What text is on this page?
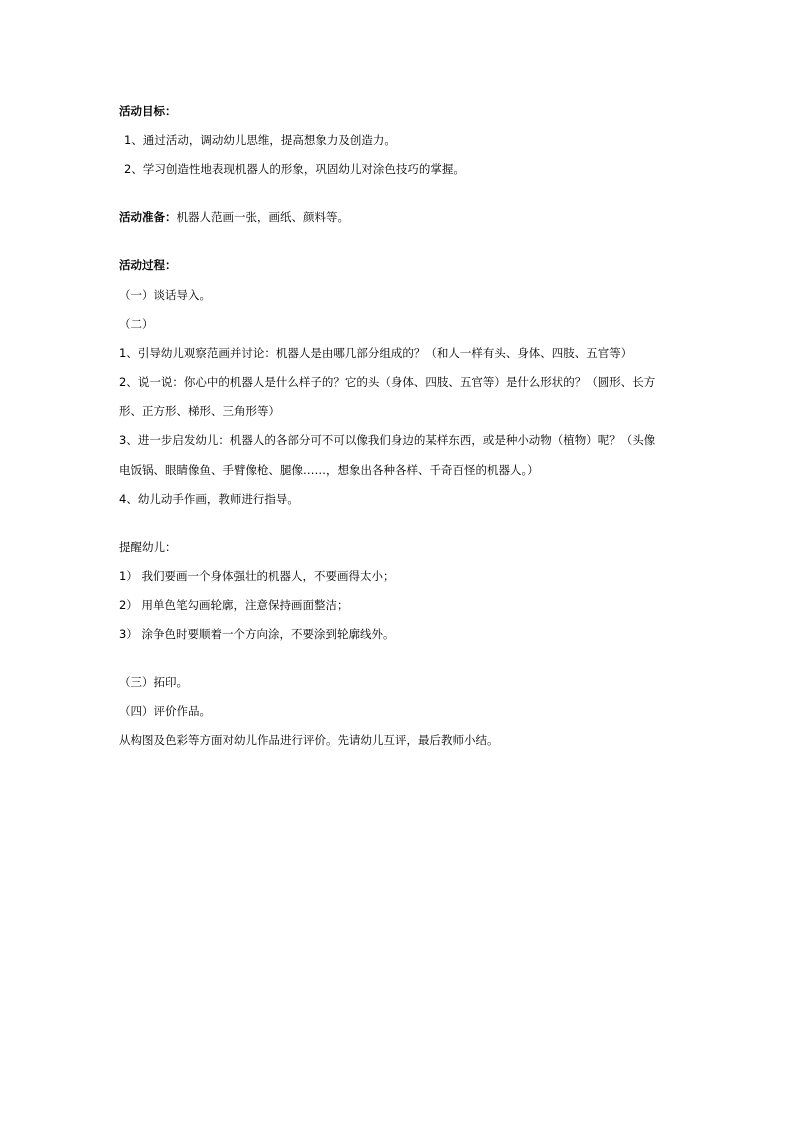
活动目标：
1、通过活动，调动幼儿思维，提高想象力及创造力。
2、学习创造性地表现机器人的形象，巩固幼儿对涂色技巧的掌握。
活动准备：机器人范画一张，画纸、颜料等。
活动过程：
（一）谈话导入。
（二）
1、引导幼儿观察范画并讨论：机器人是由哪几部分组成的？（和人一样有头、身体、四肢、五官等）
2、说一说：你心中的机器人是什么样子的？它的头（身体、四肢、五官等）是什么形状的？（圆形、长方
形、正方形、梯形、三角形等）
3、进一步启发幼儿：机器人的各部分可不可以像我们身边的某样东西，或是种小动物（植物）呢？（头像
电饭锅、眼睛像鱼、手臂像枪、腿像……，想象出各种各样、千奇百怪的机器人。）
4、幼儿动手作画，教师进行指导。
提醒幼儿：
1） 我们要画一个身体强壮的机器人，不要画得太小；
2） 用单色笔勾画轮廓，注意保持画面整洁；
3） 涂争色时要顺着一个方向涂，不要涂到轮廓线外。
（三）拓印。
（四）评价作品。
从构图及色彩等方面对幼儿作品进行评价。先请幼儿互评，最后教师小结。
